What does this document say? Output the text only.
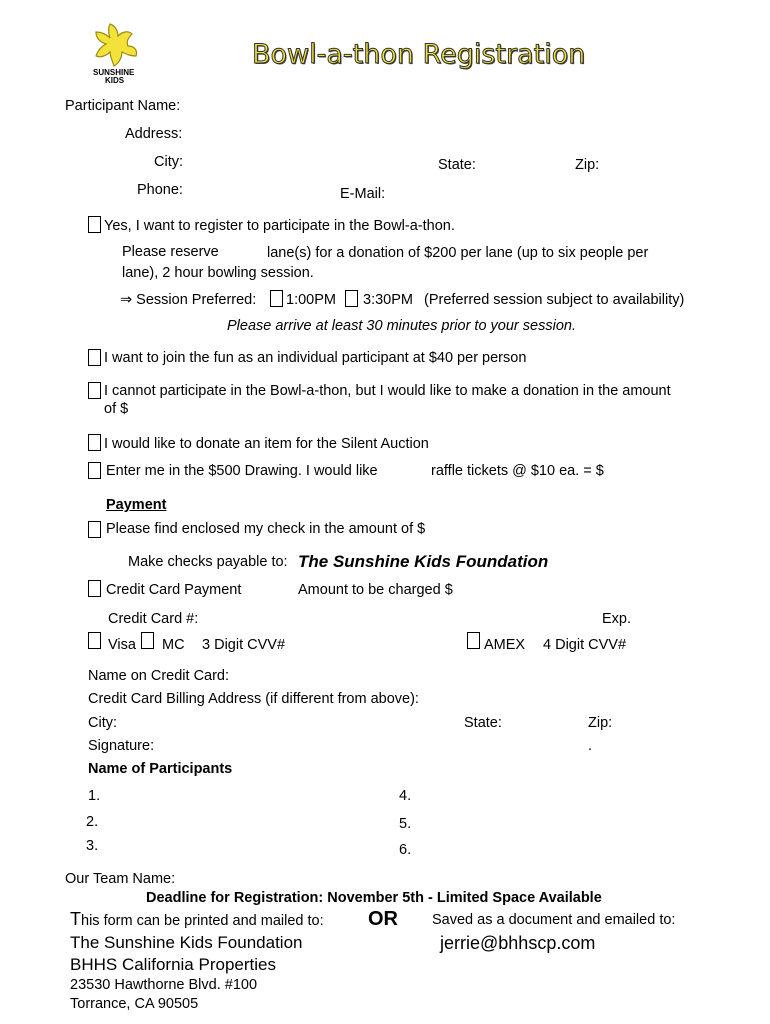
SUNSHINE
KIDS
Bowl-a-thon Registration
Participant Name:
Address:
City:	State:	Zip:
Phone:	E-Mail:
Yes, I want to register to participate in the Bowl-a-thon.
Please reserve	lane(s) for a donation of $200 per lane (up to six people per
lane), 2 hour bowling session.
⇒ Session Preferred: 1:00PM 3:30PM (Preferred session subject to availability)
Please arrive at least 30 minutes prior to your session.
I want to join the fun as an individual participant at $40 per person
I cannot participate in the Bowl-a-thon, but I would like to make a donation in the amount
of $
I would like to donate an item for the Silent Auction
Enter me in the $500 Drawing. I would like	raffle tickets @ $10 ea. = $
Payment
Please find enclosed my check in the amount of $
Make checks payable to: The Sunshine Kids Foundation
Credit Card Payment	Amount to be charged $
Credit Card #:	Exp.
Visa MC 3 Digit CVV#	AMEX 4 Digit CVV#
Name on Credit Card:
Credit Card Billing Address (if different from above):
City:	State:	Zip:
Signature:	.
Name of Participants
1.
2.
3.
4.
5.
6.
Our Team Name:
Deadline for Registration: November 5th - Limited Space Available
This form can be printed and mailed to: OR Saved as a document and emailed to:
The Sunshine Kids Foundation
BHHS California Properties
23530 Hawthorne Blvd. #100
Torrance, CA 90505
jerrie@bhhscp.com
